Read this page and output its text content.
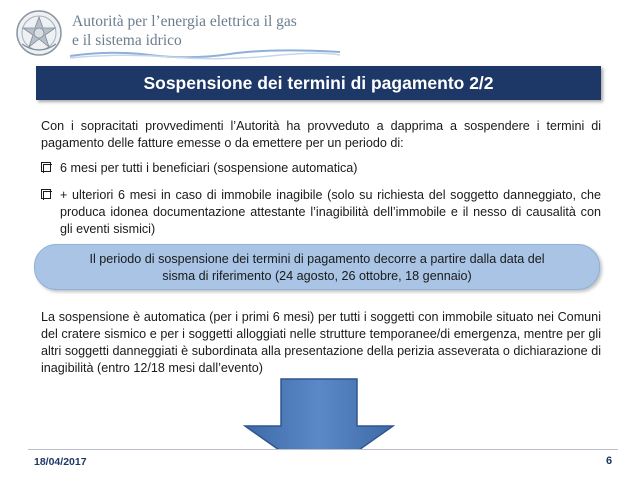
Autorità per l’energia elettrica il gas
e il sistema idrico
Sospensione dei termini di pagamento 2/2
Con i sopracitati provvedimenti l’Autorità ha provveduto a dapprima a sospendere i termini di pagamento delle fatture emesse o da emettere per un periodo di:
6 mesi per tutti i beneficiari (sospensione automatica)
+ ulteriori 6 mesi in caso di immobile inagibile (solo su richiesta del soggetto danneggiato, che produca idonea documentazione attestante l’inagibilità dell’immobile e il nesso di causalità con gli eventi sismici)
Il periodo di sospensione dei termini di pagamento decorre a partire dalla data del
sisma di riferimento (24 agosto, 26 ottobre, 18 gennaio)
La sospensione è automatica (per i primi 6 mesi) per tutti i soggetti con immobile situato nei Comuni del cratere sismico e per i soggetti alloggiati nelle strutture temporanee/di emergenza, mentre per gli altri soggetti danneggiati è subordinata alla presentazione della perizia asseverata o dichiarazione di inagibilità (entro 12/18 mesi dall’evento)
18/04/2017	6
